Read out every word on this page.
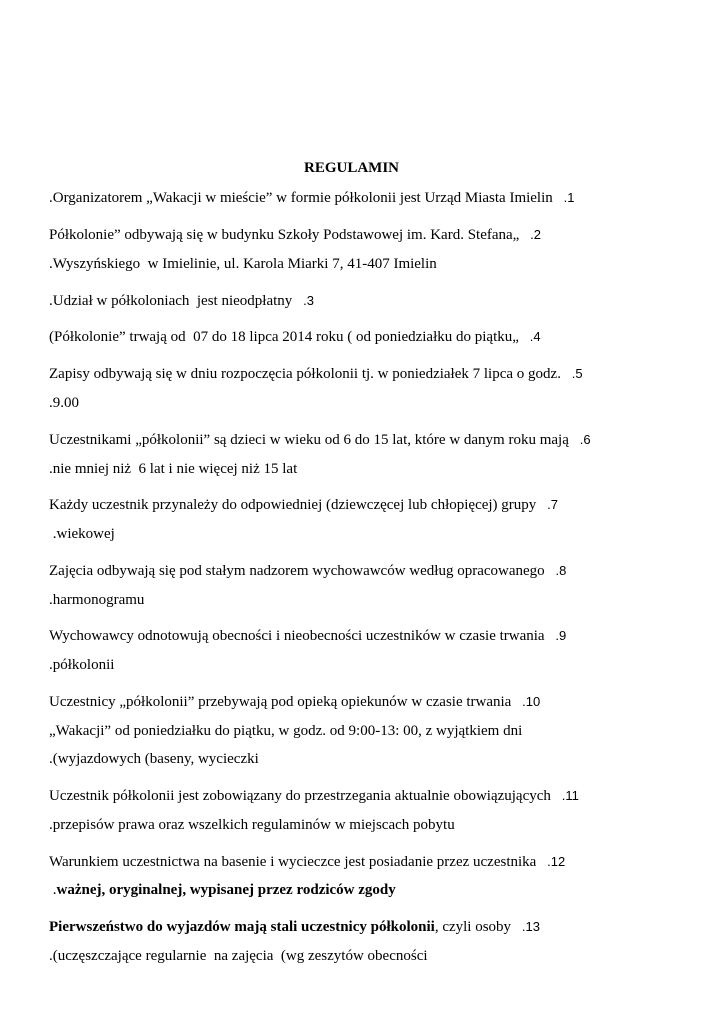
REGULAMIN
.Organizatorem „Wakacji w mieście” w formie półkolonii jest Urząd Miasta Imielin   .1
Półkolonie” odbywają się w budynku Szkoły Podstawowej im. Kard. Stefana„   .2
.Wyszyńskiego  w Imielinie, ul. Karola Miarki 7, 41-407 Imielin
.Udział w półkoloniach  jest nieodpłatny   .3
(Półkolonie” trwają od  07 do 18 lipca 2014 roku ( od poniedziałku do piątku„   .4
Zapisy odbywają się w dniu rozpoczęcia półkolonii tj. w poniedziałek 7 lipca o godz.   .5
.9.00
Uczestnikami „półkolonii” są dzieci w wieku od 6 do 15 lat, które w danym roku mają   .6
.nie mniej niż  6 lat i nie więcej niż 15 lat
Każdy uczestnik przynależy do odpowiedniej (dziewczęcej lub chłopięcej) grupy   .7
.wiekowej
Zajęcia odbywają się pod stałym nadzorem wychowawców według opracowanego   .8
.harmonogramu
Wychowawcy odnotowują obecności i nieobecności uczestników w czasie trwania   .9
.półkolonii
Uczestnicy „półkolonii” przebywają pod opieką opiekunów w czasie trwania   .10
„Wakacji” od poniedziałku do piątku, w godz. od 9:00-13: 00, z wyjątkiem dni
.(wyjazdowych (baseny, wycieczki
Uczestnik półkolonii jest zobowiązany do przestrzegania aktualnie obowiązujących   .11
.przepisów prawa oraz wszelkich regulaminów w miejscach pobytu
Warunkiem uczestnictwa na basenie i wycieczce jest posiadanie przez uczestnika   .12
.ważnej, oryginalnej, wypisanej przez rodziców zgody
Pierwszeństwo do wyjazdów mają stali uczestnicy półkolonii, czyli osoby   .13
.(uczęszczające regularnie  na zajęcia  (wg zeszytów obecności
